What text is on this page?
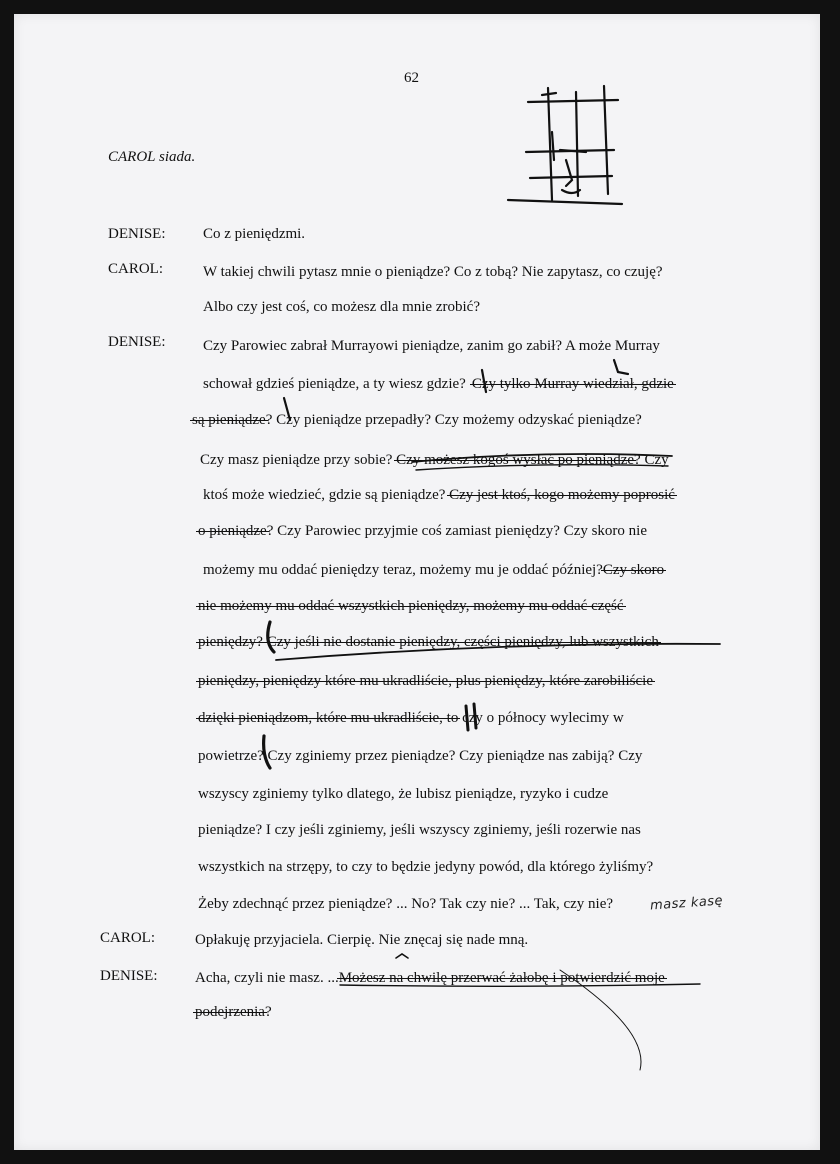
62
CAROL siada.
DENISE:
CAROL:
DENISE:
CAROL:
DENISE:
Co z pieniędzmi.
W takiej chwili pytasz mnie o pieniądze? Co z tobą? Nie zapytasz, co czuję?
Albo czy jest coś, co możesz dla mnie zrobić?
Czy Parowiec zabrał Murrayowi pieniądze, zanim go zabił? A może Murray
schował gdzieś pieniądze, a ty wiesz gdzie? Czy tylko Murray wiedział, gdzie
są pieniądze? Czy pieniądze przepadły? Czy możemy odzyskać pieniądze?
Czy masz pieniądze przy sobie? Czy możesz kogoś wysłać po pieniądze? Czy
ktoś może wiedzieć, gdzie są pieniądze? Czy jest ktoś, kogo możemy poprosić
o pieniądze? Czy Parowiec przyjmie coś zamiast pieniędzy? Czy skoro nie
możemy mu oddać pieniędzy teraz, możemy mu je oddać później?Czy skoro
nie możemy mu oddać wszystkich pieniędzy, możemy mu oddać część
pieniędzy? Czy jeśli nie dostanie pieniędzy, części pieniędzy, lub wszystkich
pieniędzy, pieniędzy które mu ukradliście, plus pieniędzy, które zarobiliście
dzięki pieniądzom, które mu ukradliście, to czy o północy wylecimy w
powietrze? Czy zginiemy przez pieniądze? Czy pieniądze nas zabiją? Czy
wszyscy zginiemy tylko dlatego, że lubisz pieniądze, ryzyko i cudze
pieniądze? I czy jeśli zginiemy, jeśli wszyscy zginiemy, jeśli rozerwie nas
wszystkich na strzępy, to czy to będzie jedyny powód, dla którego żyliśmy?
Żeby zdechnąć przez pieniądze? ... No? Tak czy nie? ... Tak, czy nie?	masz kasę
Opłakuję przyjaciela. Cierpię. Nie znęcaj się nade mną.
Acha, czyli nie masz. ...Możesz na chwilę przerwać żałobę i potwierdzić moje
podejrzenia?
